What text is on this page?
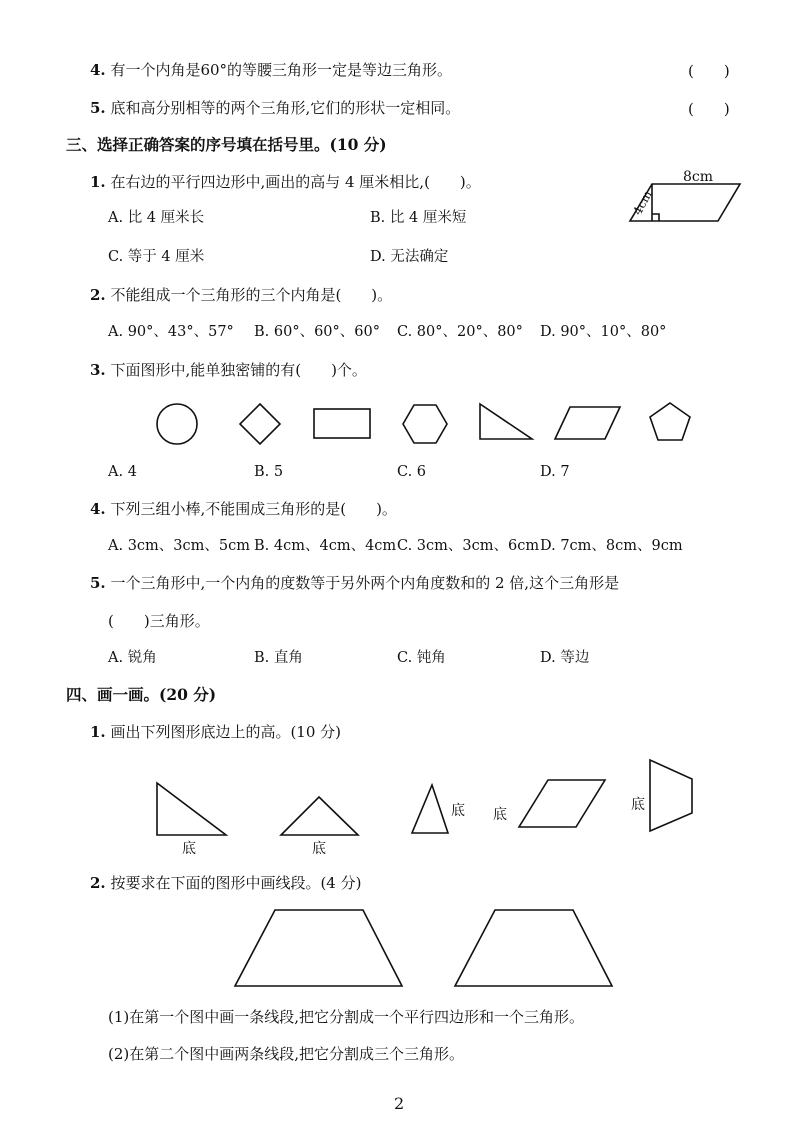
4. 有一个内角是60°的等腰三角形一定是等边三角形。	(　　)
5. 底和高分别相等的两个三角形,它们的形状一定相同。	(　　)
三、选择正确答案的序号填在括号里。(10 分)
1. 在右边的平行四边形中,画出的高与 4 厘米相比,(　　)。	8cm
4cm
A. 比 4 厘米长	B. 比 4 厘米短
C. 等于 4 厘米	D. 无法确定
2. 不能组成一个三角形的三个内角是(　　)。
A. 90°、43°、57° B. 60°、60°、60° C. 80°、20°、80° D. 90°、10°、80°
3. 下面图形中,能单独密铺的有(　　)个。
A. 4	B. 5	C. 6	D. 7
4. 下列三组小棒,不能围成三角形的是(　　)。
A. 3cm、3cm、5cm B. 4cm、4cm、4cm C. 3cm、3cm、6cm D. 7cm、8cm、9cm
5. 一个三角形中,一个内角的度数等于另外两个内角度数和的 2 倍,这个三角形是
(　　)三角形。
A. 锐角	B. 直角	C. 钝角	D. 等边
四、画一画。(20 分)
1. 画出下列图形底边上的高。(10 分)
底	底
底 底
底
2. 按要求在下面的图形中画线段。(4 分)
(1)在第一个图中画一条线段,把它分割成一个平行四边形和一个三角形。
(2)在第二个图中画两条线段,把它分割成三个三角形。
2
